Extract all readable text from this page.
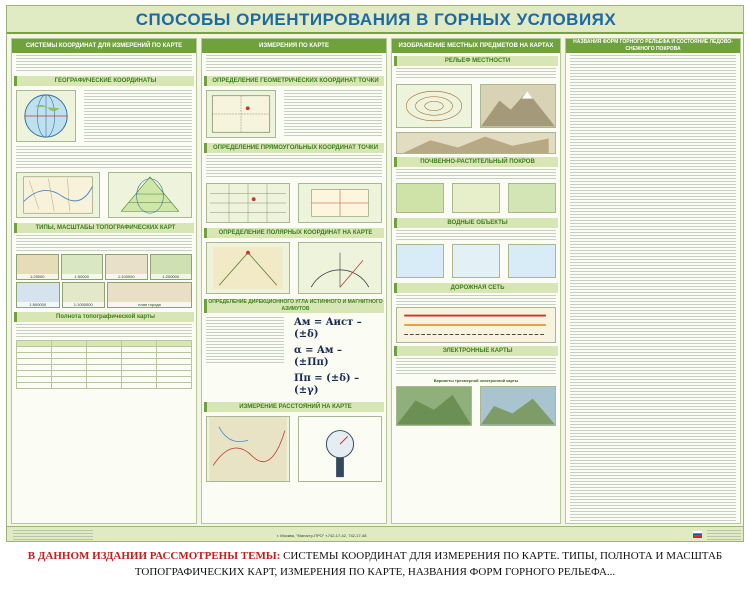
СПОСОБЫ ОРИЕНТИРОВАНИЯ В ГОРНЫХ УСЛОВИЯХ
СИСТЕМЫ КООРДИНАТ ДЛЯ ИЗМЕРЕНИЙ ПО КАРТЕ
ГЕОГРАФИЧЕСКИЕ КООРДИНАТЫ
ТИПЫ, МАСШТАБЫ ТОПОГРАФИЧЕСКИХ КАРТ
1:25000	1:50000	1:100000	1:200000
1:500000	1:1000000	план города
Полнота топографической карты

ИЗМЕРЕНИЯ ПО КАРТЕ
ОПРЕДЕЛЕНИЕ ГЕОМЕТРИЧЕСКИХ КООРДИНАТ ТОЧКИ
ОПРЕДЕЛЕНИЕ ПРЯМОУГОЛЬНЫХ КООРДИНАТ ТОЧКИ
ОПРЕДЕЛЕНИЕ ПОЛЯРНЫХ КООРДИНАТ НА КАРТЕ
ОПРЕДЕЛЕНИЕ ДИРЕКЦИОННОГО УГЛА ИСТИННОГО И МАГНИТНОГО АЗИМУТОВ
Aм = Aист – (±δ)
α = Aм – (±Πп)
Πп = (±δ) – (±γ)
ИЗМЕРЕНИЕ РАССТОЯНИЙ НА КАРТЕ
ИЗОБРАЖЕНИЕ МЕСТНЫХ ПРЕДМЕТОВ НА КАРТАХ
РЕЛЬЕФ МЕСТНОСТИ
ПОЧВЕННО-РАСТИТЕЛЬНЫЙ ПОКРОВ
ВОДНЫЕ ОБЪЕКТЫ
ДОРОЖНАЯ СЕТЬ
ЭЛЕКТРОННЫЕ КАРТЫ
Варианты трехмерной электронной карты
НАЗВАНИЯ ФОРМ ГОРНОГО РЕЛЬЕФА И СОСТОЯНИЕ ЛЕДОВО-СНЕЖНОГО ПОКРОВА
г. Москва, "Магистр-ПРО" т.742-17-42, 742-17-48
В ДАННОМ ИЗДАНИИ РАССМОТРЕНЫ ТЕМЫ: СИСТЕМЫ КООРДИНАТ ДЛЯ ИЗМЕРЕНИЯ ПО КАРТЕ. ТИПЫ, ПОЛНОТА И МАСШТАБ ТОПОГРАФИЧЕСКИХ КАРТ, ИЗМЕРЕНИЯ ПО КАРТЕ, НАЗВАНИЯ ФОРМ ГОРНОГО РЕЛЬЕФА...
